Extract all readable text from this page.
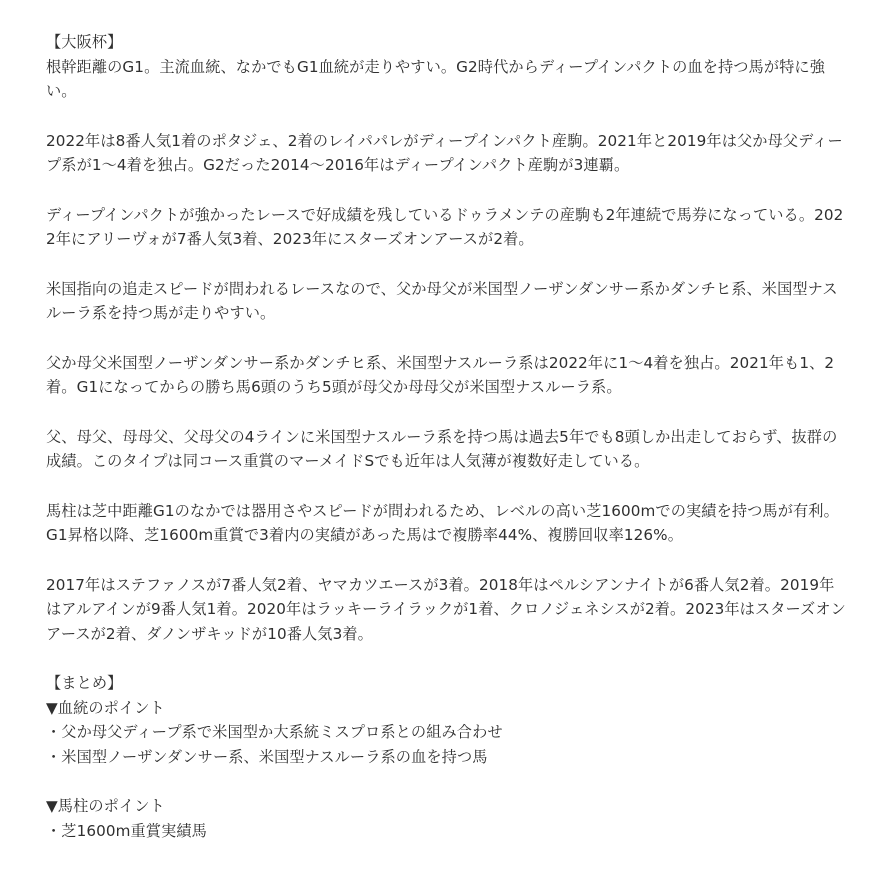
【大阪杯】
根幹距離のG1。主流血統、なかでもG1血統が走りやすい。G2時代からディープインパクトの血を持つ馬が特に強い。

2022年は8番人気1着のポタジェ、2着のレイパパレがディープインパクト産駒。2021年と2019年は父か母父ディープ系が1～4着を独占。G2だった2014～2016年はディープインパクト産駒が3連覇。

ディープインパクトが強かったレースで好成績を残しているドゥラメンテの産駒も2年連続で馬券になっている。2022年にアリーヴォが7番人気3着、2023年にスターズオンアースが2着。

米国指向の追走スピードが問われるレースなので、父か母父が米国型ノーザンダンサー系かダンチヒ系、米国型ナスルーラ系を持つ馬が走りやすい。

父か母父米国型ノーザンダンサー系かダンチヒ系、米国型ナスルーラ系は2022年に1～4着を独占。2021年も1、2着。G1になってからの勝ち馬6頭のうち5頭が母父か母母父が米国型ナスルーラ系。

父、母父、母母父、父母父の4ラインに米国型ナスルーラ系を持つ馬は過去5年でも8頭しか出走しておらず、抜群の成績。このタイプは同コース重賞のマーメイドSでも近年は人気薄が複数好走している。

馬柱は芝中距離G1のなかでは器用さやスピードが問われるため、レベルの高い芝1600mでの実績を持つ馬が有利。G1昇格以降、芝1600m重賞で3着内の実績があった馬はで複勝率44%、複勝回収率126%。

2017年はステファノスが7番人気2着、ヤマカツエースが3着。2018年はペルシアンナイトが6番人気2着。2019年はアルアインが9番人気1着。2020年はラッキーライラックが1着、クロノジェネシスが2着。2023年はスターズオンアースが2着、ダノンザキッドが10番人気3着。

【まとめ】
▼血統のポイント
・父か母父ディープ系で米国型か大系統ミスプロ系との組み合わせ
・米国型ノーザンダンサー系、米国型ナスルーラ系の血を持つ馬

▼馬柱のポイント
・芝1600m重賞実績馬
